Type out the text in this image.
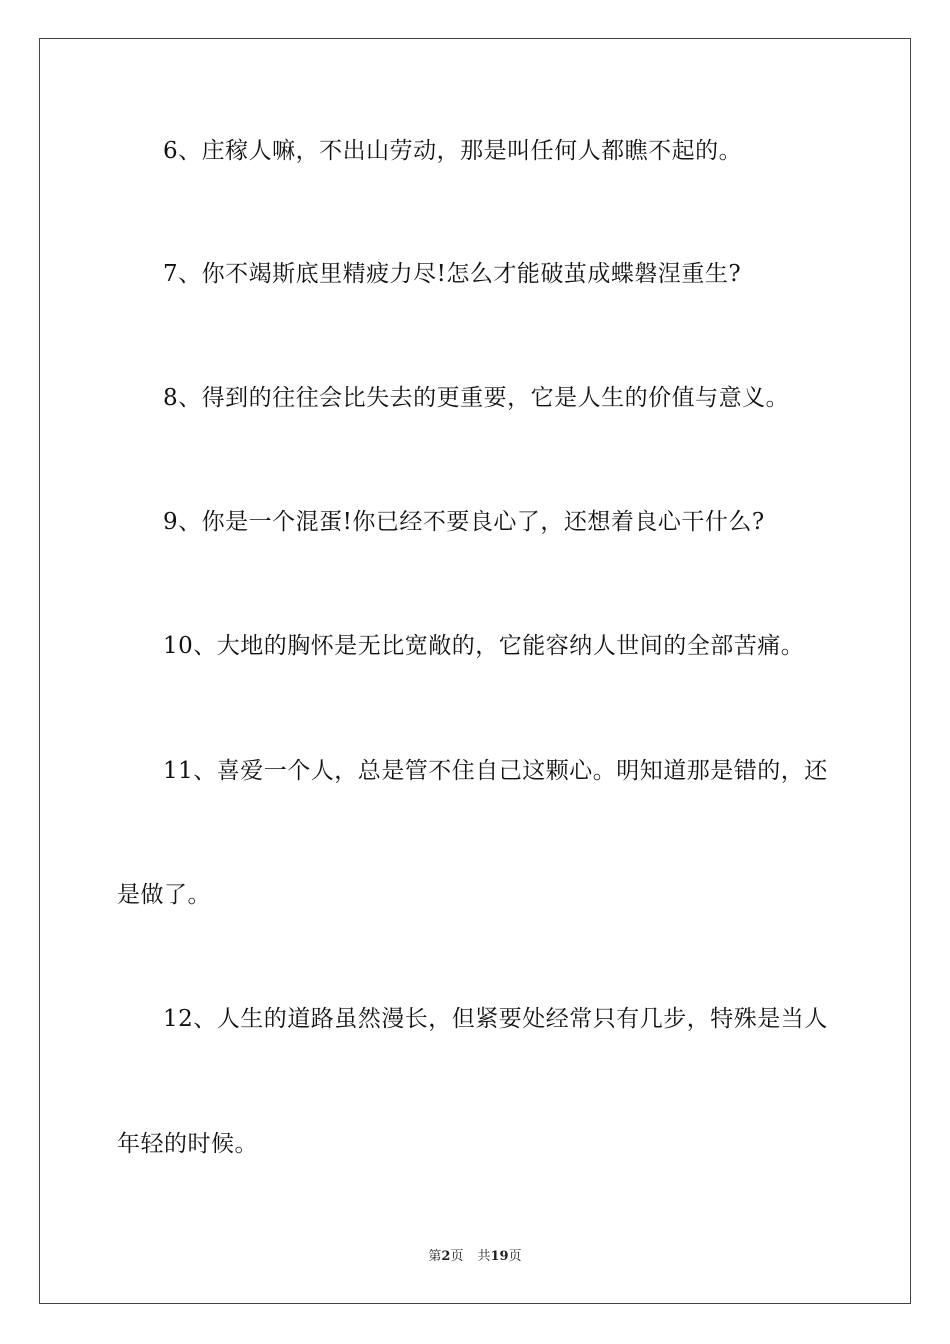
6、庄稼人嘛，不出山劳动，那是叫任何人都瞧不起的。
7、你不竭斯底里精疲力尽!怎么才能破茧成蝶磐涅重生?
8、得到的往往会比失去的更重要，它是人生的价值与意义。
9、你是一个混蛋!你已经不要良心了，还想着良心干什么?
10、大地的胸怀是无比宽敞的，它能容纳人世间的全部苦痛。
11、喜爱一个人，总是管不住自己这颗心。明知道那是错的，还
是做了。
12、人生的道路虽然漫长，但紧要处经常只有几步，特殊是当人
年轻的时候。
第2页 共19页
